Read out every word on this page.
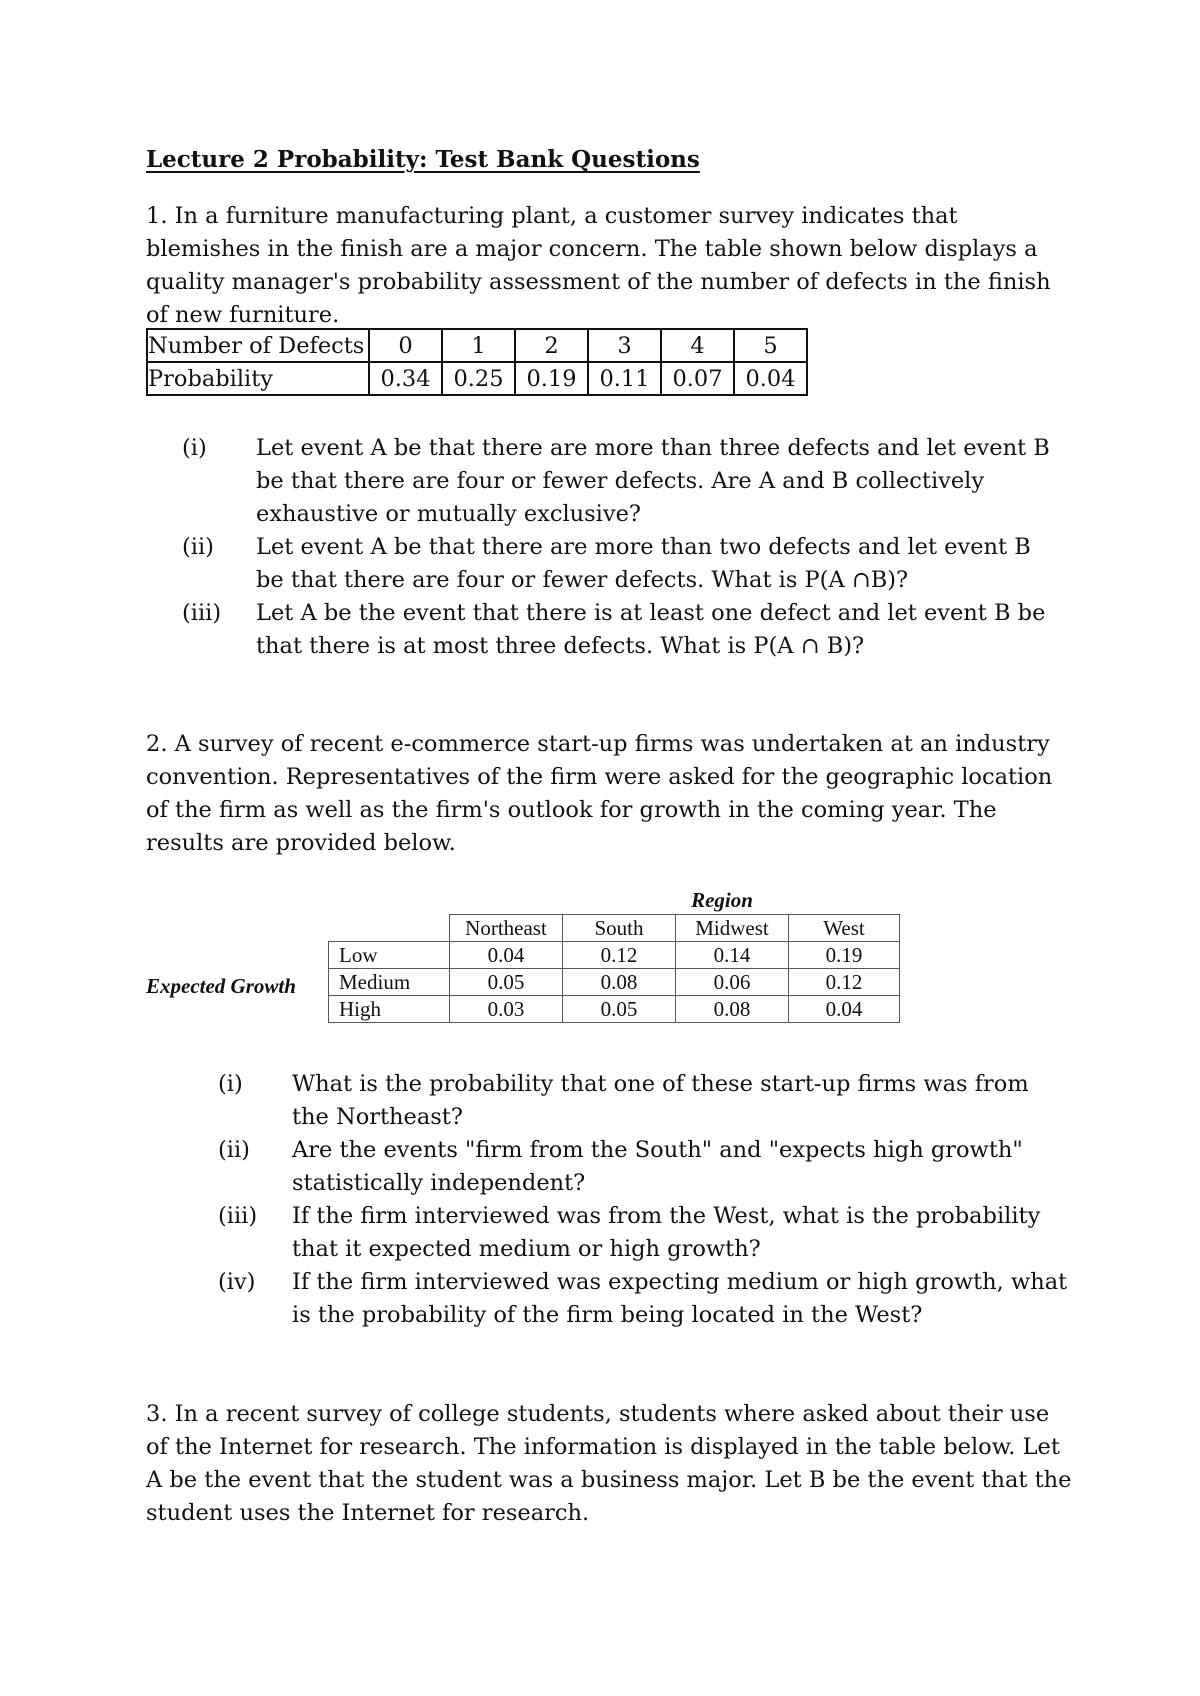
Lecture 2 Probability: Test Bank Questions

1. In a furniture manufacturing plant, a customer survey indicates that blemishes in the finish are a major concern. The table shown below displays a quality manager's probability assessment of the number of defects in the finish of new furniture.

Number of Defects	0	1	2	3	4	5
Probability	0.34	0.25	0.19	0.11	0.07	0.04
(i) Let event A be that there are more than three defects and let event B be that there are four or fewer defects. Are A and B collectively exhaustive or mutually exclusive?
(ii) Let event A be that there are more than two defects and let event B be that there are four or fewer defects. What is P(A ∩B)?
(iii) Let A be the event that there is at least one defect and let event B be that there is at most three defects. What is P(A ∩ B)?

2. A survey of recent e-commerce start-up firms was undertaken at an industry convention. Representatives of the firm were asked for the geographic location of the firm as well as the firm's outlook for growth in the coming year. The results are provided below.

Region
Expected Growth
	Northeast	South	Midwest	West
Low	0.04	0.12	0.14	0.19
Medium	0.05	0.08	0.06	0.12
High	0.03	0.05	0.08	0.04
(i) What is the probability that one of these start-up firms was from the Northeast?
(ii) Are the events "firm from the South" and "expects high growth" statistically independent?
(iii) If the firm interviewed was from the West, what is the probability that it expected medium or high growth?
(iv) If the firm interviewed was expecting medium or high growth, what is the probability of the firm being located in the West?

3. In a recent survey of college students, students where asked about their use of the Internet for research. The information is displayed in the table below. Let A be the event that the student was a business major. Let B be the event that the student uses the Internet for research.
